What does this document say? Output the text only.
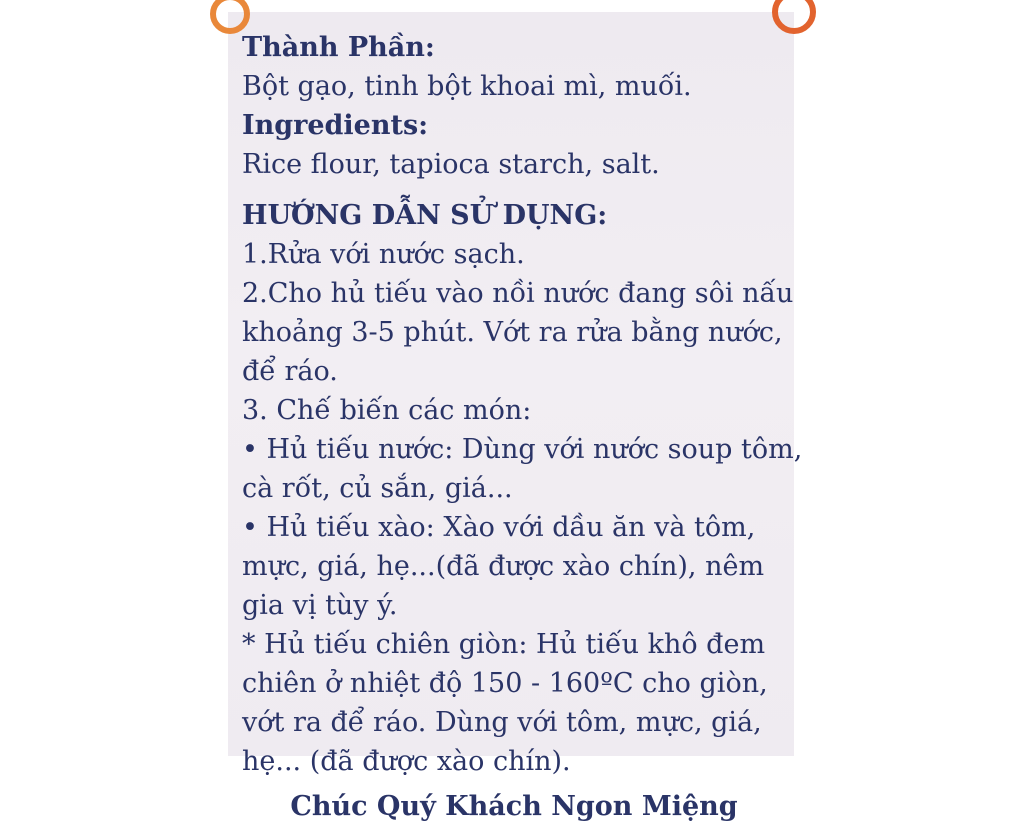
Thành Phần:
Bột gạo, tinh bột khoai mì, muối.
Ingredients:
Rice flour, tapioca starch, salt.
HƯỚNG DẪN SỬ DỤNG:
1.Rửa với nước sạch.
2.Cho hủ tiếu vào nồi nước đang sôi nấu
khoảng 3-5 phút. Vớt ra rửa bằng nước,
để ráo.
3. Chế biến các món:
• Hủ tiếu nước: Dùng với nước soup tôm,
cà rốt, củ sắn, giá...
• Hủ tiếu xào: Xào với dầu ăn và tôm,
mực, giá, hẹ...(đã được xào chín), nêm
gia vị tùy ý.
* Hủ tiếu chiên giòn: Hủ tiếu khô đem
chiên ở nhiệt độ 150 - 160ºC cho giòn,
vớt ra để ráo. Dùng với tôm, mực, giá,
hẹ... (đã được xào chín).
Chúc Quý Khách Ngon Miệng
